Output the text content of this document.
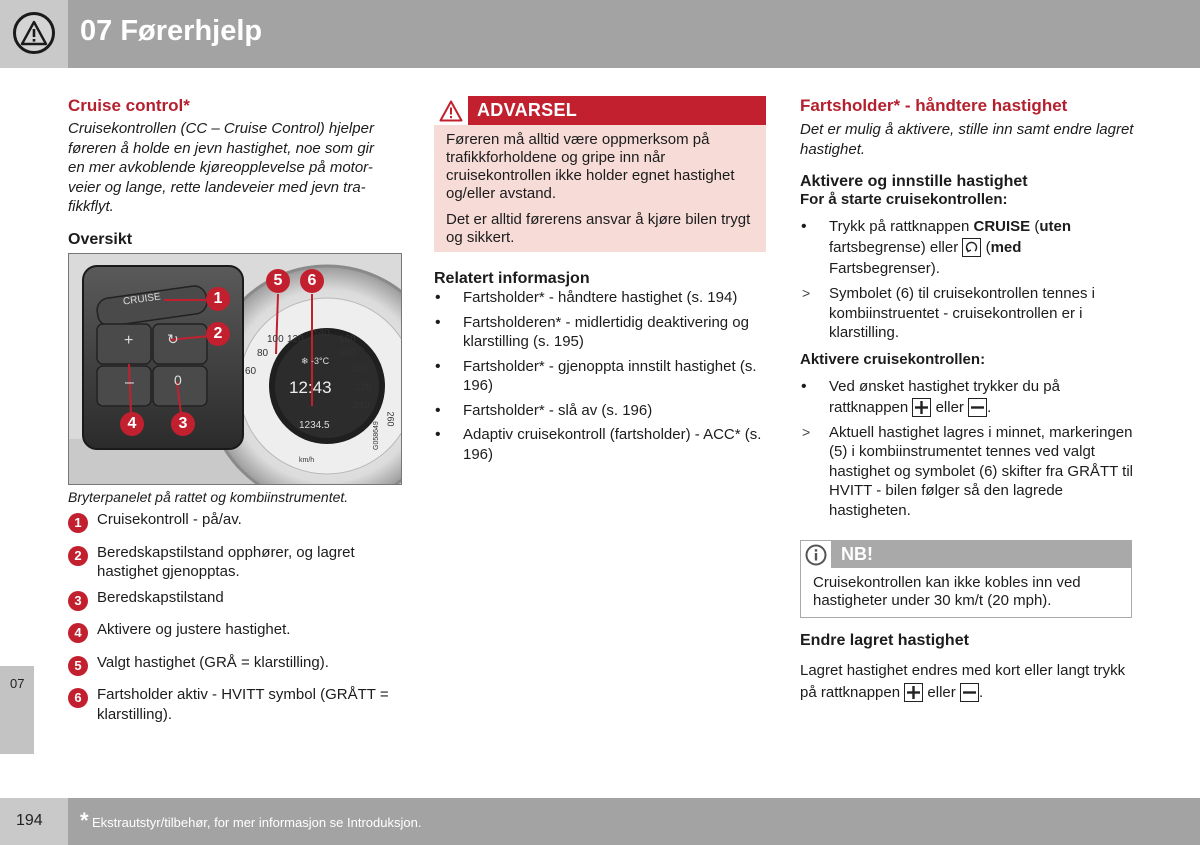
07 Førerhjelp
07
Cruise control*
Cruisekontrollen (CC – Cruise Control) hjelper
føreren å holde en jevn hastighet, noe som gir
en mer avkoblende kjøreopplevelse på motor-
veier og lange, rette landeveier med jevn tra-
fikkflyt.
Oversikt
CRUISE
↻
+
–	0
120
140
160
180
200
220
240
260
80
60
100
❄ -3°C
12:43
1234.5
km/h
G058649
1
2
3
4
5	6
Bryterpanelet på rattet og kombiinstrumentet.
1	Cruisekontroll - på/av.
2	Beredskapstilstand opphører, og lagret hastighet gjenopptas.
3	Beredskapstilstand
4	Aktivere og justere hastighet.
5	Valgt hastighet (GRÅ = klarstilling).
6	Fartsholder aktiv - HVITT symbol (GRÅTT = klarstilling).
ADVARSEL
Føreren må alltid være oppmerksom på trafikkforholdene og gripe inn når cruisekontrollen ikke holder egnet hastighet og/eller avstand.
Det er alltid førerens ansvar å kjøre bilen trygt og sikkert.
Relatert informasjon
• Fartsholder* - håndtere hastighet (s. 194)
• Fartsholderen* - midlertidig deaktivering og klarstilling (s. 195)
• Fartsholder* - gjenoppta innstilt hastighet (s. 196)
• Fartsholder* - slå av (s. 196)
• Adaptiv cruisekontroll (fartsholder) - ACC* (s. 196)
Fartsholder* - håndtere hastighet
Det er mulig å aktivere, stille inn samt endre lagret hastighet.
Aktivere og innstille hastighet
For å starte cruisekontrollen:
• Trykk på rattknappen CRUISE (uten fartsbegrense) eller  (med Fartsbegrenser).
> Symbolet (6) til cruisekontrollen tennes i kombiinstruentet - cruisekontrollen er i klarstilling.
Aktivere cruisekontrollen:
• Ved ønsket hastighet trykker du på rattknappen  eller .
> Aktuell hastighet lagres i minnet, markeringen (5) i kombiinstrumentet tennes ved valgt hastighet og symbolet (6) skifter fra GRÅTT til HVITT - bilen følger så den lagrede hastigheten.
NB!
Cruisekontrollen kan ikke kobles inn ved hastigheter under 30 km/t (20 mph).
Endre lagret hastighet
Lagret hastighet endres med kort eller langt trykk på rattknappen  eller .
194 * Ekstrautstyr/tilbehør, for mer informasjon se Introduksjon.
